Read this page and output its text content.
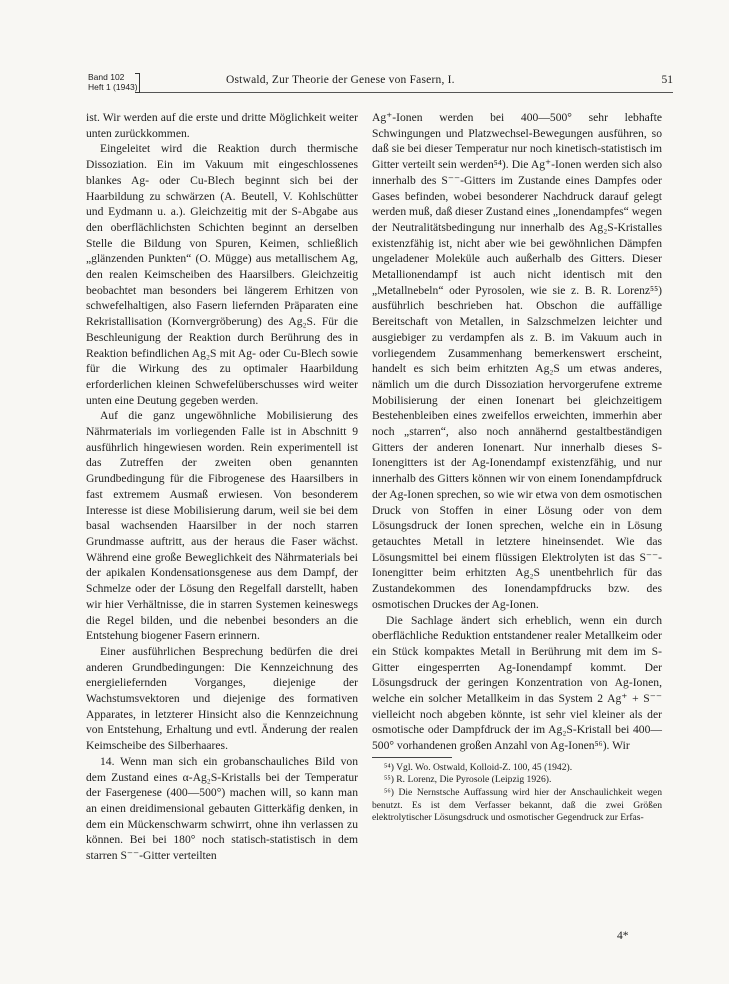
Band 102
Heft 1 (1943)
Ostwald, Zur Theorie der Genese von Fasern, I.	51

ist. Wir werden auf die erste und dritte Möglichkeit weiter unten zurückkommen.

Eingeleitet wird die Reaktion durch thermische Dissoziation. Ein im Vakuum mit eingeschlossenes blankes Ag- oder Cu-Blech beginnt sich bei der Haarbildung zu schwärzen (A. Beutell, V. Kohlschütter und Eydmann u. a.). Gleichzeitig mit der S-Abgabe aus den oberflächlichsten Schichten beginnt an derselben Stelle die Bildung von Spuren, Keimen, schließlich „glänzenden Punkten“ (O. Mügge) aus metallischem Ag, den realen Keimscheiben des Haarsilbers. Gleichzeitig beobachtet man besonders bei längerem Erhitzen von schwefelhaltigen, also Fasern liefernden Präparaten eine Rekristallisation (Kornvergröberung) des Ag₂S. Für die Beschleunigung der Reaktion durch Berührung des in Reaktion befindlichen Ag₂S mit Ag- oder Cu-Blech sowie für die Wirkung des zu optimaler Haarbildung erforderlichen kleinen Schwefelüberschusses wird weiter unten eine Deutung gegeben werden.

Auf die ganz ungewöhnliche Mobilisierung des Nährmaterials im vorliegenden Falle ist in Abschnitt 9 ausführlich hingewiesen worden. Rein experimentell ist das Zutreffen der zweiten oben genannten Grundbedingung für die Fibrogenese des Haarsilbers in fast extremem Ausmaß erwiesen. Von besonderem Interesse ist diese Mobilisierung darum, weil sie bei dem basal wachsenden Haarsilber in der noch starren Grundmasse auftritt, aus der heraus die Faser wächst. Während eine große Beweglichkeit des Nährmaterials bei der apikalen Kondensationsgenese aus dem Dampf, der Schmelze oder der Lösung den Regelfall darstellt, haben wir hier Verhältnisse, die in starren Systemen keineswegs die Regel bilden, und die nebenbei besonders an die Entstehung biogener Fasern erinnern.

Einer ausführlichen Besprechung bedürfen die drei anderen Grundbedingungen: Die Kennzeichnung des energieliefernden Vorganges, diejenige der Wachstumsvektoren und diejenige des formativen Apparates, in letzterer Hinsicht also die Kennzeichnung von Entstehung, Erhaltung und evtl. Änderung der realen Keimscheibe des Silberhaares.

14. Wenn man sich ein grobanschauliches Bild von dem Zustand eines α-Ag₂S-Kristalls bei der Temperatur der Fasergenese (400—500°) machen will, so kann man an einen dreidimensional gebauten Gitterkäfig denken, in dem ein Mückenschwarm schwirrt, ohne ihn verlassen zu können. Bei bei 180° noch statisch-statistisch in dem starren S⁻⁻-Gitter verteilten

Ag⁺-Ionen werden bei 400—500° sehr lebhafte Schwingungen und Platzwechsel-Bewegungen ausführen, so daß sie bei dieser Temperatur nur noch kinetisch-statistisch im Gitter verteilt sein werden⁵⁴). Die Ag⁺-Ionen werden sich also innerhalb des S⁻⁻-Gitters im Zustande eines Dampfes oder Gases befinden, wobei besonderer Nachdruck darauf gelegt werden muß, daß dieser Zustand eines „Ionendampfes“ wegen der Neutralitätsbedingung nur innerhalb des Ag₂S-Kristalles existenzfähig ist, nicht aber wie bei gewöhnlichen Dämpfen ungeladener Moleküle auch außerhalb des Gitters. Dieser Metallionendampf ist auch nicht identisch mit den „Metallnebeln“ oder Pyrosolen, wie sie z. B. R. Lorenz⁵⁵) ausführlich beschrieben hat. Obschon die auffällige Bereitschaft von Metallen, in Salzschmelzen leichter und ausgiebiger zu verdampfen als z. B. im Vakuum auch in vorliegendem Zusammenhang bemerkenswert erscheint, handelt es sich beim erhitzten Ag₂S um etwas anderes, nämlich um die durch Dissoziation hervorgerufene extreme Mobilisierung der einen Ionenart bei gleichzeitigem Bestehenbleiben eines zweifellos erweichten, immerhin aber noch „starren“, also noch annähernd gestaltbeständigen Gitters der anderen Ionenart. Nur innerhalb dieses S-Ionengitters ist der Ag-Ionendampf existenzfähig, und nur innerhalb des Gitters können wir von einem Ionendampfdruck der Ag-Ionen sprechen, so wie wir etwa von dem osmotischen Druck von Stoffen in einer Lösung oder von dem Lösungsdruck der Ionen sprechen, welche ein in Lösung getauchtes Metall in letztere hineinsendet. Wie das Lösungsmittel bei einem flüssigen Elektrolyten ist das S⁻⁻-Ionengitter beim erhitzten Ag₂S unentbehrlich für das Zustandekommen des Ionendampfdrucks bzw. des osmotischen Druckes der Ag-Ionen.

Die Sachlage ändert sich erheblich, wenn ein durch oberflächliche Reduktion entstandener realer Metallkeim oder ein Stück kompaktes Metall in Berührung mit dem im S-Gitter eingesperrten Ag-Ionendampf kommt. Der Lösungsdruck der geringen Konzentration von Ag-Ionen, welche ein solcher Metallkeim in das System 2 Ag⁺ + S⁻⁻ vielleicht noch abgeben könnte, ist sehr viel kleiner als der osmotische oder Dampfdruck der im Ag₂S-Kristall bei 400—500° vorhandenen großen Anzahl von Ag-Ionen⁵⁶). Wir

⁵⁴) Vgl. Wo. Ostwald, Kolloid-Z. 100, 45 (1942).

⁵⁵) R. Lorenz, Die Pyrosole (Leipzig 1926).

⁵⁶) Die Nernstsche Auffassung wird hier der Anschaulichkeit wegen benutzt. Es ist dem Verfasser bekannt, daß die zwei Größen elektrolytischer Lösungsdruck und osmotischer Gegendruck zur Erfas-

4*
